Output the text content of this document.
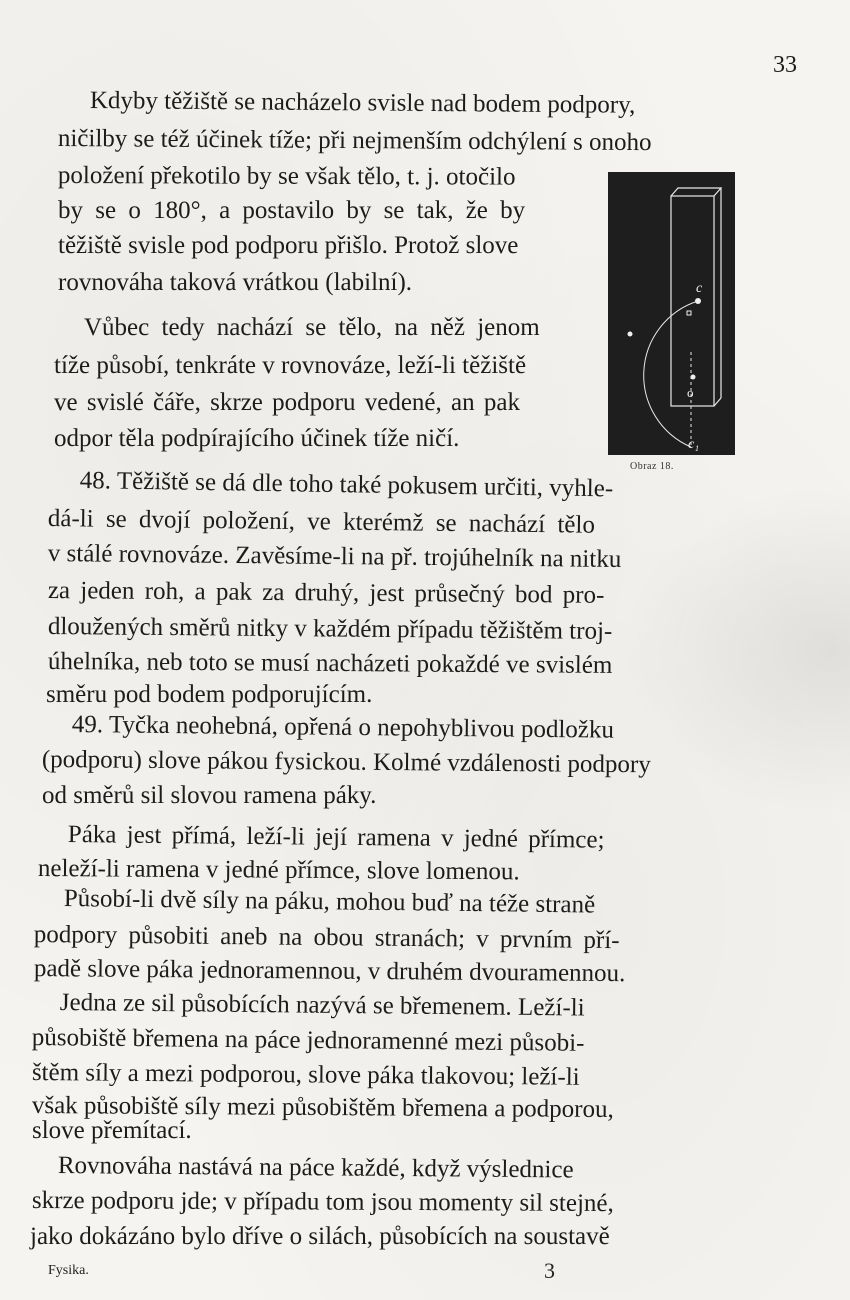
33
Kdyby těžiště se nacházelo svisle nad bodem podpory,
ničilby se též účinek tíže; při nejmenším odchýlení s onoho
položení překotilo by se však tělo, t. j. otočilo
by se o 180°, a postavilo by se tak, že by
těžiště svisle pod podporu přišlo. Protož slove
rovnováha taková vrátkou (labilní).
Vůbec tedy nachází se tělo, na něž jenom
tíže působí, tenkráte v rovnováze, leží-li těžiště
ve svislé čáře, skrze podporu vedené, an pak
odpor těla podpírajícího účinek tíže ničí.
c
o
c₁
Obraz 18.
48. Těžiště se dá dle toho také pokusem určiti, vyhle-
dá-li se dvojí položení, ve kterémž se nachází tělo
v stálé rovnováze. Zavěsíme-li na př. trojúhelník na nitku
za jeden roh, a pak za druhý, jest průsečný bod pro-
dloužených směrů nitky v každém případu těžištěm troj-
úhelníka, neb toto se musí nacházeti pokaždé ve svislém
směru pod bodem podporujícím.
49. Tyčka neohebná, opřená o nepohyblivou podložku
(podporu) slove pákou fysickou. Kolmé vzdálenosti podpory
od směrů sil slovou ramena páky.
Páka jest přímá, leží-li její ramena v jedné přímce;
neleží-li ramena v jedné přímce, slove lomenou.
Působí-li dvě síly na páku, mohou buď na téže straně
podpory působiti aneb na obou stranách; v prvním pří-
padě slove páka jednoramennou, v druhém dvouramennou.
Jedna ze sil působících nazývá se břemenem. Leží-li
působiště břemena na páce jednoramenné mezi působi-
štěm síly a mezi podporou, slove páka tlakovou; leží-li
však působiště síly mezi působištěm břemena a podporou,
slove přemítací.
Rovnováha nastává na páce každé, když výslednice
skrze podporu jde; v případu tom jsou momenty sil stejné,
jako dokázáno bylo dříve o silách, působících na soustavě
Fysika.	3
